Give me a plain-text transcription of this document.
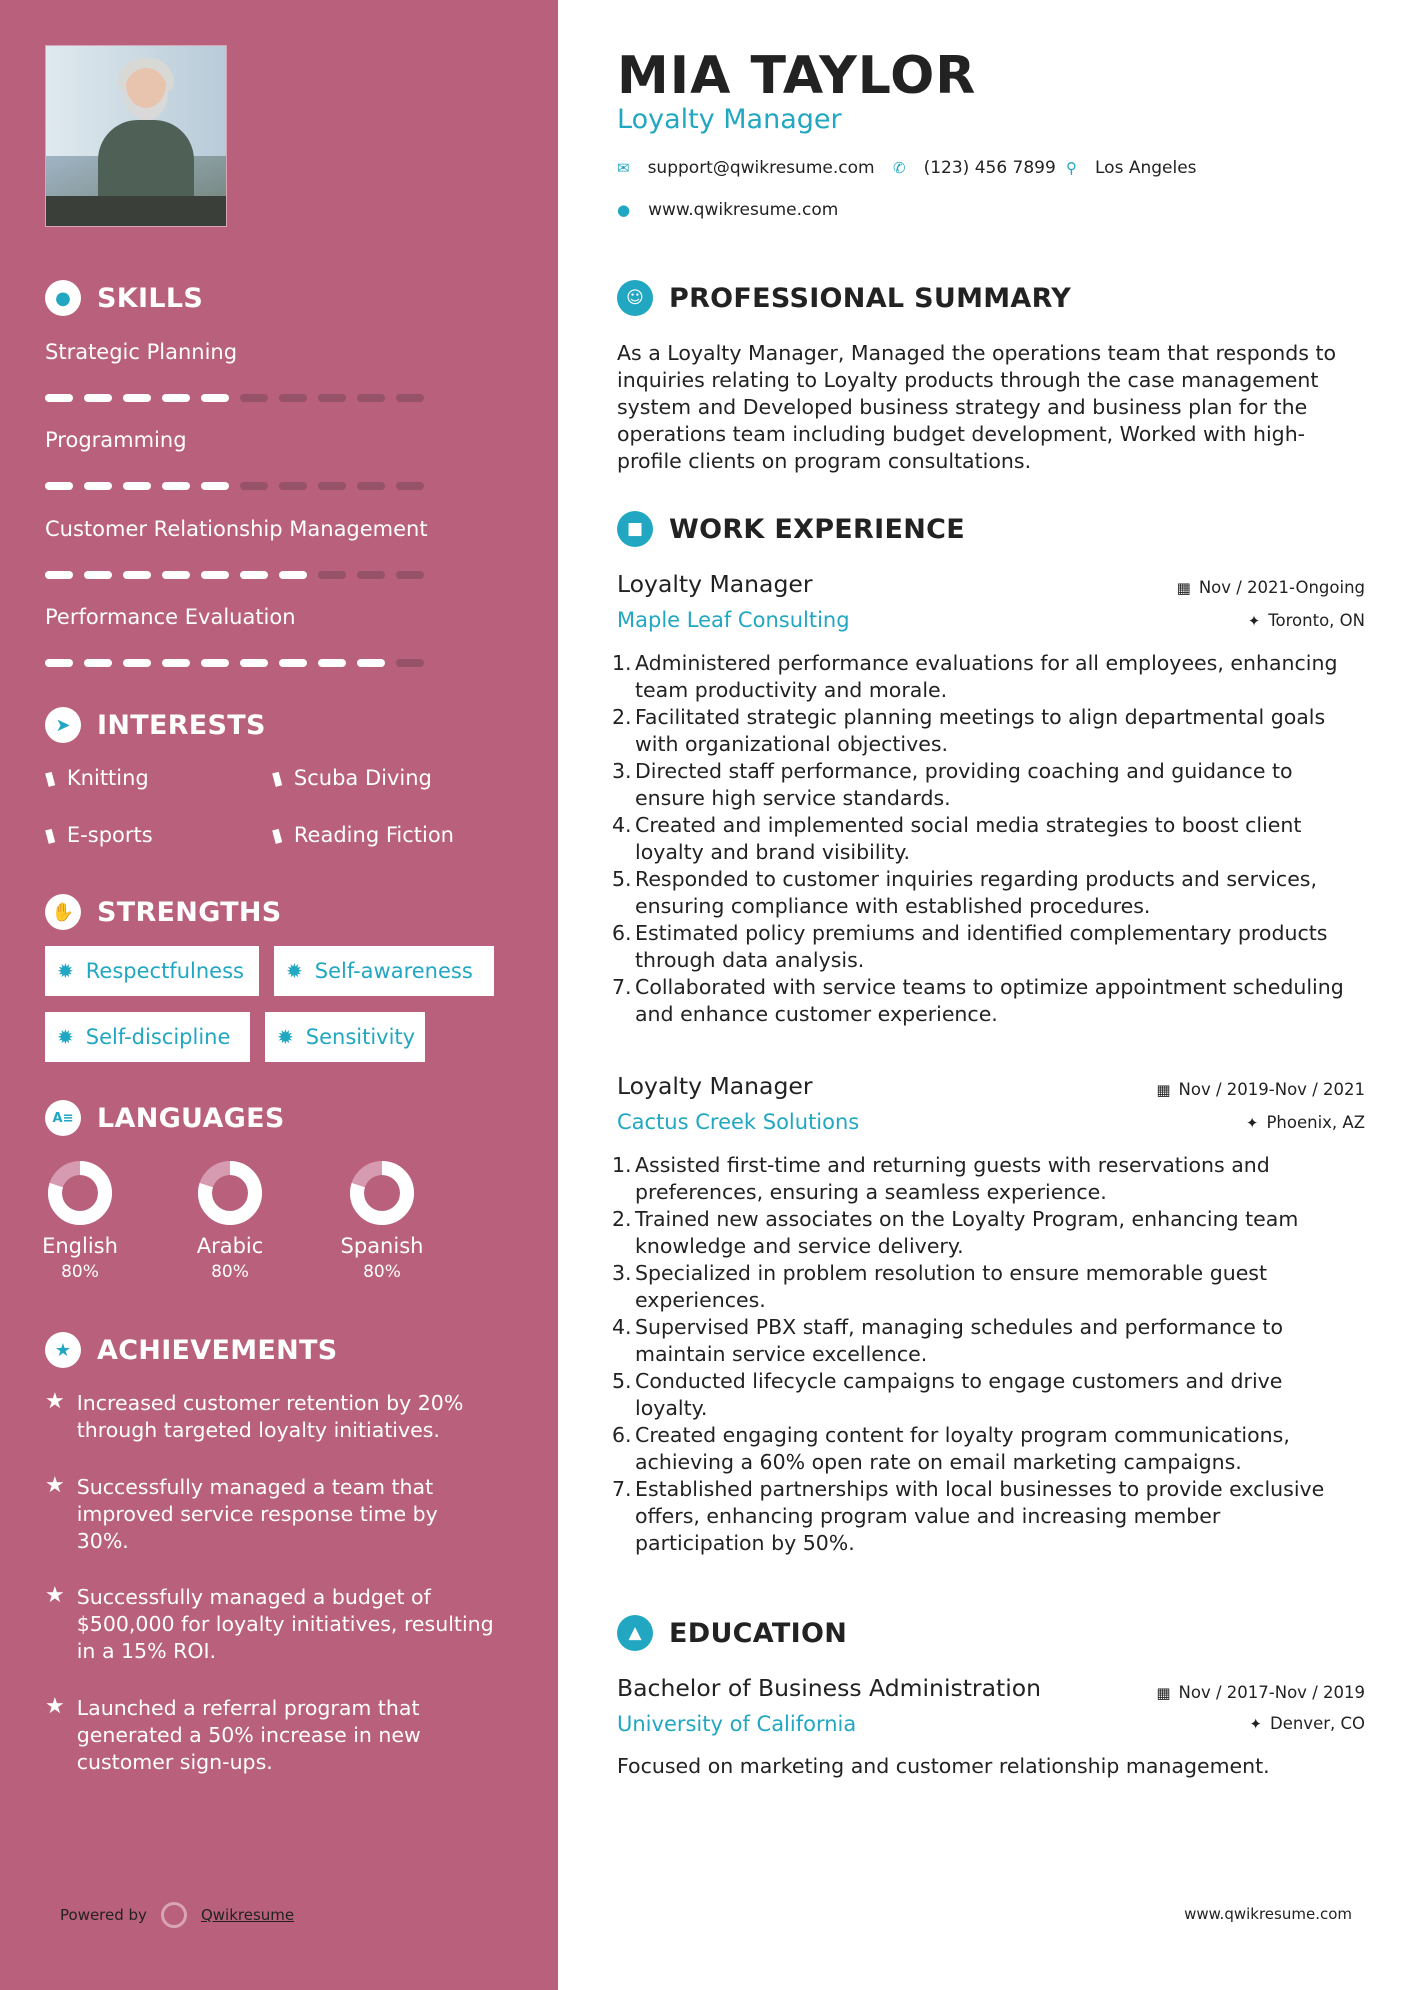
● SKILLS
Strategic Planning
Programming
Customer Relationship Management
Performance Evaluation
➤ INTERESTS
▮ Knitting	▮ Scuba Diving
▮ E-sports	▮ Reading Fiction
✋ STRENGTHS
✹ Respectfulness ✹ Self-awareness
✹ Self-discipline ✹ Sensitivity
A≡ LANGUAGES
English
80%
Arabic
80%
Spanish
80%
★ ACHIEVEMENTS
★ Increased customer retention by 20% through targeted loyalty initiatives.
★ Successfully managed a team that improved service response time by 30%.
★ Successfully managed a budget of $500,000 for loyalty initiatives, resulting in a 15% ROI.
★ Launched a referral program that generated a 50% increase in new customer sign-ups.
Powered by	Qwikresume
MIA TAYLOR
Loyalty Manager
✉ support@qwikresume.com ✆ (123) 456 7899 ⚲ Los Angeles
● www.qwikresume.com
☺ PROFESSIONAL SUMMARY
As a Loyalty Manager, Managed the operations team that responds to
inquiries relating to Loyalty products through the case management
system and Developed business strategy and business plan for the
operations team including budget development, Worked with high-
profile clients on program consultations.
■ WORK EXPERIENCE
Loyalty Manager	▦ Nov / 2021-Ongoing
Maple Leaf Consulting	✦ Toronto, ON
1. Administered performance evaluations for all employees, enhancing
team productivity and morale.
2. Facilitated strategic planning meetings to align departmental goals
with organizational objectives.
3. Directed staff performance, providing coaching and guidance to
ensure high service standards.
4. Created and implemented social media strategies to boost client
loyalty and brand visibility.
5. Responded to customer inquiries regarding products and services,
ensuring compliance with established procedures.
6. Estimated policy premiums and identified complementary products
through data analysis.
7. Collaborated with service teams to optimize appointment scheduling
and enhance customer experience.
Loyalty Manager	▦ Nov / 2019-Nov / 2021
Cactus Creek Solutions	✦ Phoenix, AZ
1. Assisted first-time and returning guests with reservations and
preferences, ensuring a seamless experience.
2. Trained new associates on the Loyalty Program, enhancing team
knowledge and service delivery.
3. Specialized in problem resolution to ensure memorable guest
experiences.
4. Supervised PBX staff, managing schedules and performance to
maintain service excellence.
5. Conducted lifecycle campaigns to engage customers and drive
loyalty.
6. Created engaging content for loyalty program communications,
achieving a 60% open rate on email marketing campaigns.
7. Established partnerships with local businesses to provide exclusive
offers, enhancing program value and increasing member
participation by 50%.
▲	EDUCATION
Bachelor of Business Administration	▦ Nov / 2017-Nov / 2019
University of California	✦ Denver, CO
Focused on marketing and customer relationship management.
www.qwikresume.com
